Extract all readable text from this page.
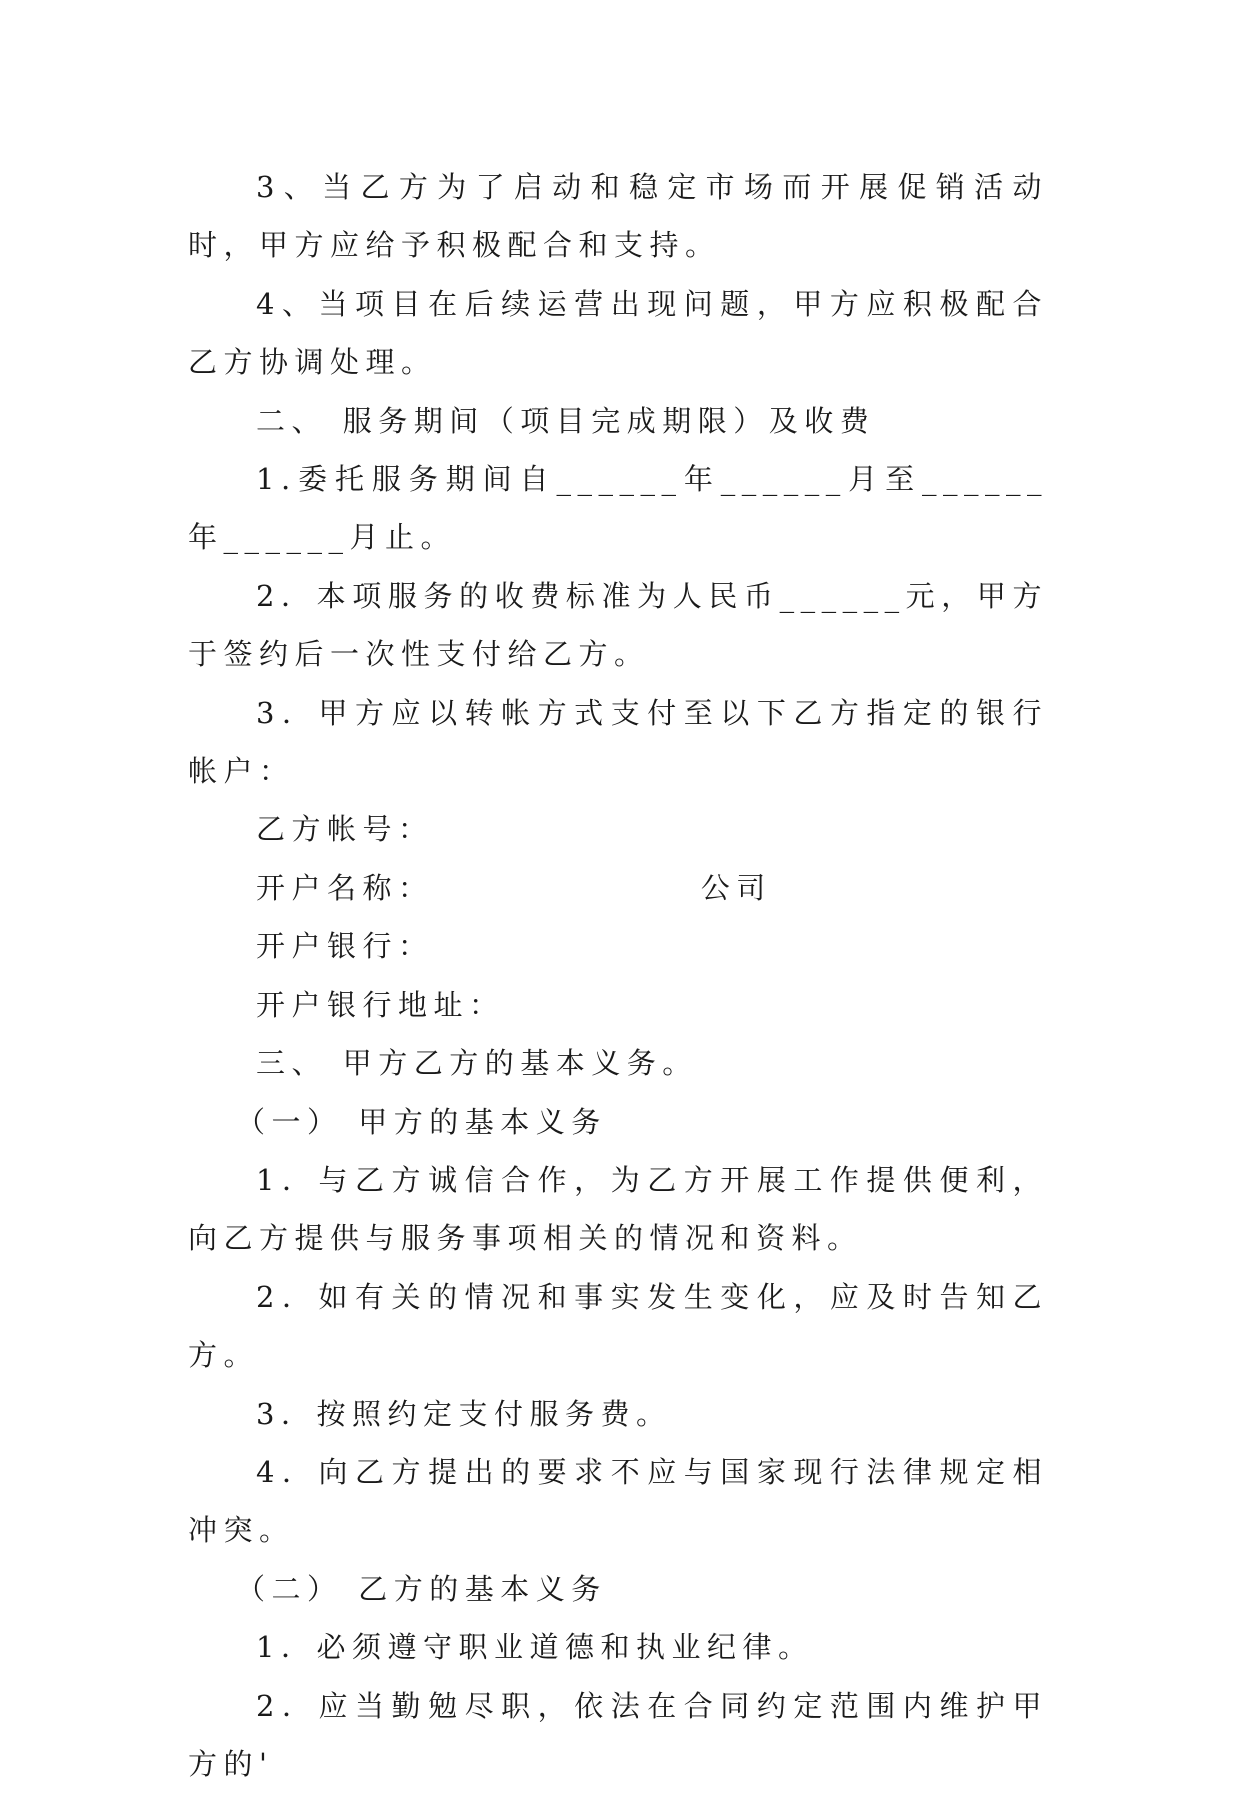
3、当乙方为了启动和稳定市场而开展促销活动时，甲方应给予积极配合和支持。

4、当项目在后续运营出现问题，甲方应积极配合乙方协调处理。

二、 服务期间（项目完成期限）及收费

1.委托服务期间自______年______月至______年______月止。

2．本项服务的收费标准为人民币______元，甲方于签约后一次性支付给乙方。

3．甲方应以转帐方式支付至以下乙方指定的银行帐户：

乙方帐号：

开户名称：                 公司

开户银行：

开户银行地址：

三、 甲方乙方的基本义务。

（一） 甲方的基本义务

1．与乙方诚信合作，为乙方开展工作提供便利，向乙方提供与服务事项相关的情况和资料。

2．如有关的情况和事实发生变化，应及时告知乙方。

3．按照约定支付服务费。

4．向乙方提出的要求不应与国家现行法律规定相冲突。

（二） 乙方的基本义务

1．必须遵守职业道德和执业纪律。

2．应当勤勉尽职，依法在合同约定范围内维护甲方的'
